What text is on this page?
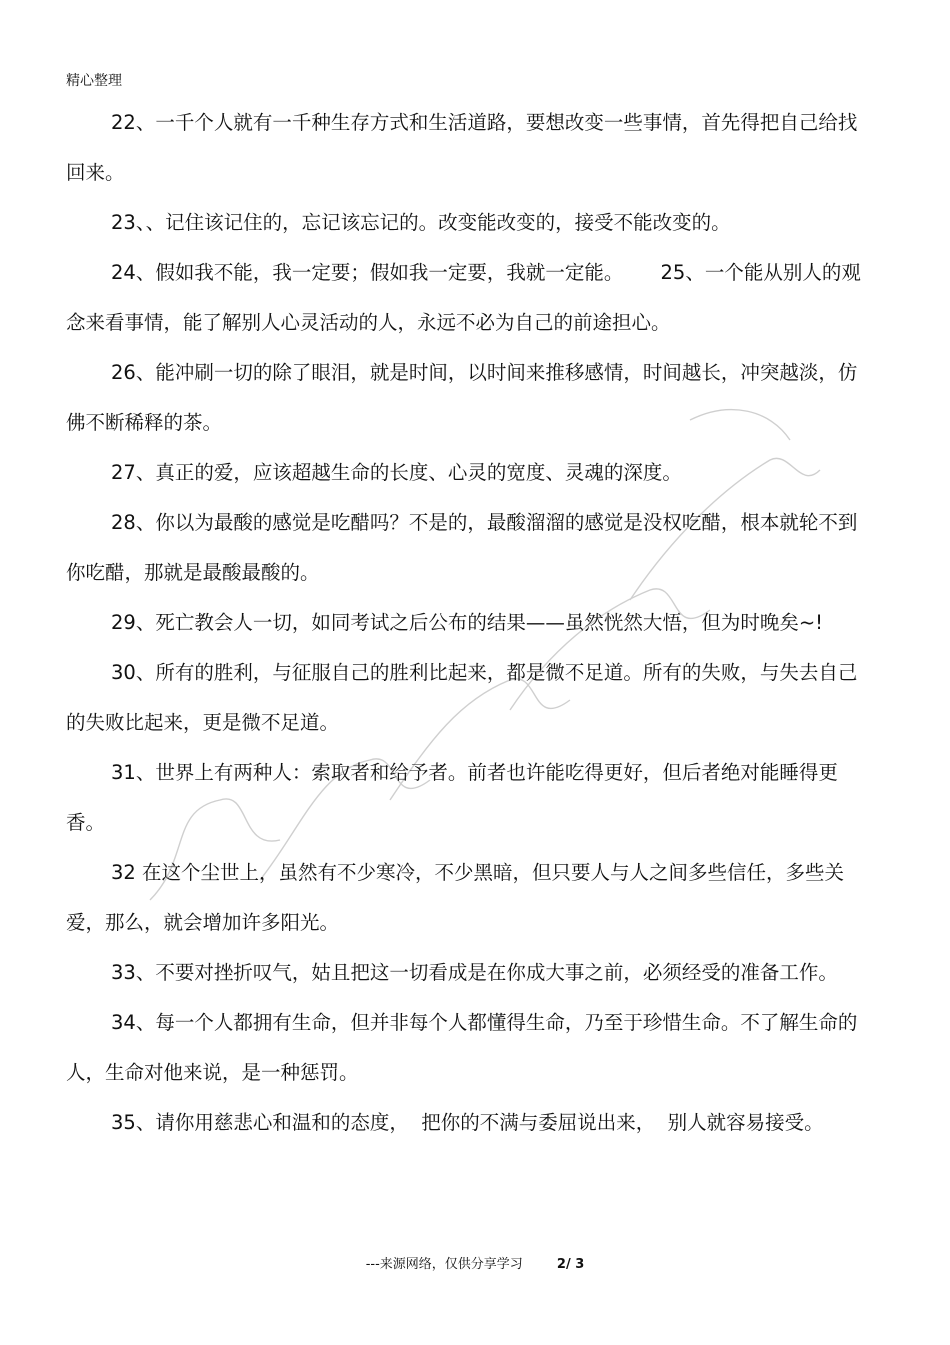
精心整理

22、一千个人就有一千种生存方式和生活道路，要想改变一些事情，首先得把自己给找回来。

23、、记住该记住的，忘记该忘记的。改变能改变的，接受不能改变的。

24、假如我不能，我一定要；假如我一定要，我就一定能。      25、一个能从别人的观念来看事情，能了解别人心灵活动的人，永远不必为自己的前途担心。

26、能冲刷一切的除了眼泪，就是时间，以时间来推移感情，时间越长，冲突越淡，仿佛不断稀释的茶。

27、真正的爱，应该超越生命的长度、心灵的宽度、灵魂的深度。

28、你以为最酸的感觉是吃醋吗？不是的，最酸溜溜的感觉是没权吃醋，根本就轮不到你吃醋，那就是最酸最酸的。

29、死亡教会人一切，如同考试之后公布的结果——虽然恍然大悟，但为时晚矣~!

30、所有的胜利，与征服自己的胜利比起来，都是微不足道。所有的失败，与失去自己的失败比起来，更是微不足道。

31、世界上有两种人：索取者和给予者。前者也许能吃得更好，但后者绝对能睡得更香。

32 在这个尘世上，虽然有不少寒冷，不少黑暗，但只要人与人之间多些信任，多些关爱，那么，就会增加许多阳光。

33、不要对挫折叹气，姑且把这一切看成是在你成大事之前，必须经受的准备工作。

34、每一个人都拥有生命，但并非每个人都懂得生命，乃至于珍惜生命。不了解生命的人，生命对他来说，是一种惩罚。

35、请你用慈悲心和温和的态度，  把你的不满与委屈说出来，  别人就容易接受。

---来源网络，仅供分享学习	2/ 3
